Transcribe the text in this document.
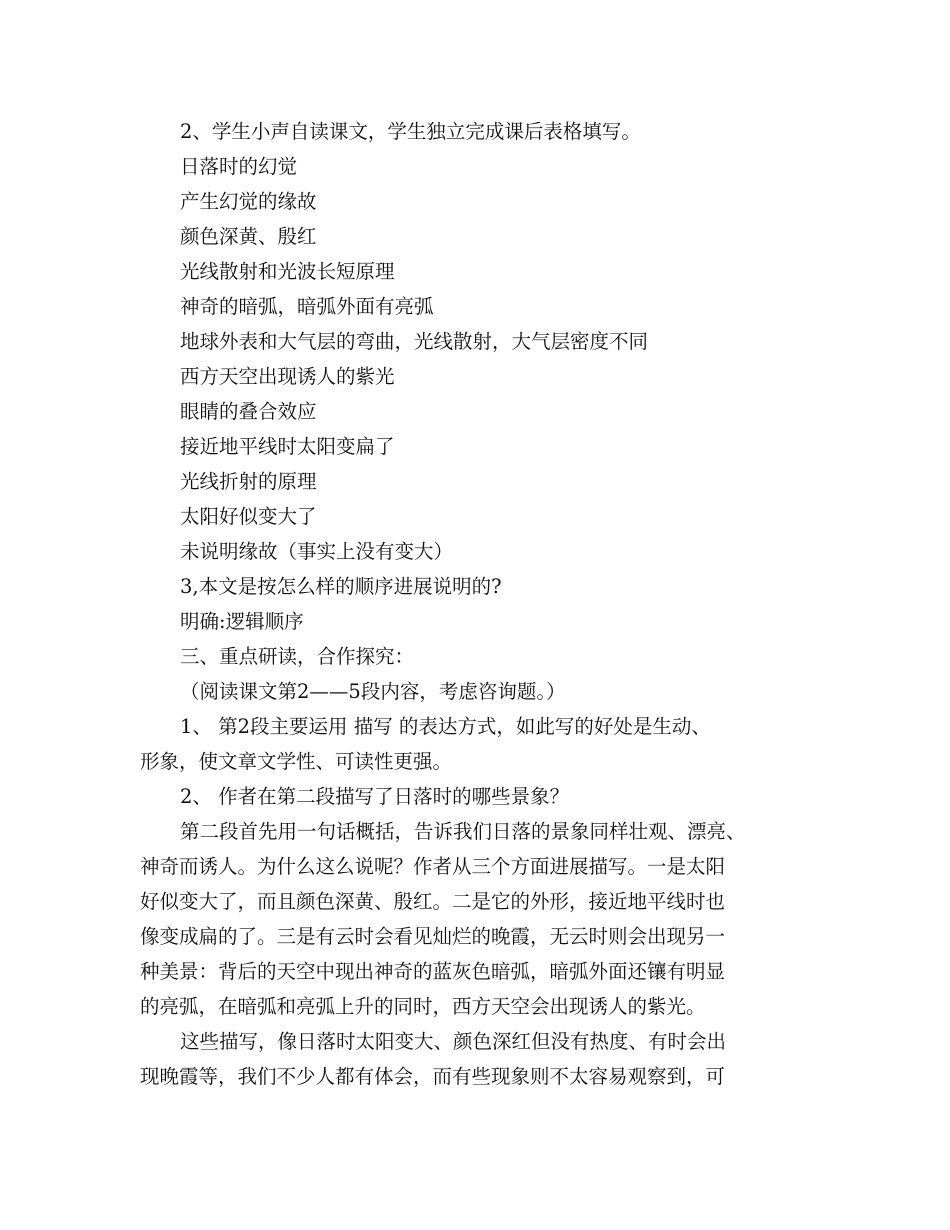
2、学生小声自读课文，学生独立完成课后表格填写。
日落时的幻觉
产生幻觉的缘故
颜色深黄、殷红
光线散射和光波长短原理
神奇的暗弧，暗弧外面有亮弧
地球外表和大气层的弯曲，光线散射，大气层密度不同
西方天空出现诱人的紫光
眼睛的叠合效应
接近地平线时太阳变扁了
光线折射的原理
太阳好似变大了
未说明缘故（事实上没有变大）
3,本文是按怎么样的顺序进展说明的?
明确:逻辑顺序
三、重点研读，合作探究：
（阅读课文第2——5段内容，考虑咨询题。）
1、 第2段主要运用 描写 的表达方式，如此写的好处是生动、
形象，使文章文学性、可读性更强。
2、 作者在第二段描写了日落时的哪些景象？
第二段首先用一句话概括，告诉我们日落的景象同样壮观、漂亮、
神奇而诱人。为什么这么说呢？作者从三个方面进展描写。一是太阳
好似变大了，而且颜色深黄、殷红。二是它的外形，接近地平线时也
像变成扁的了。三是有云时会看见灿烂的晚霞，无云时则会出现另一
种美景：背后的天空中现出神奇的蓝灰色暗弧，暗弧外面还镶有明显
的亮弧，在暗弧和亮弧上升的同时，西方天空会出现诱人的紫光。
这些描写，像日落时太阳变大、颜色深红但没有热度、有时会出
现晚霞等，我们不少人都有体会，而有些现象则不太容易观察到，可
